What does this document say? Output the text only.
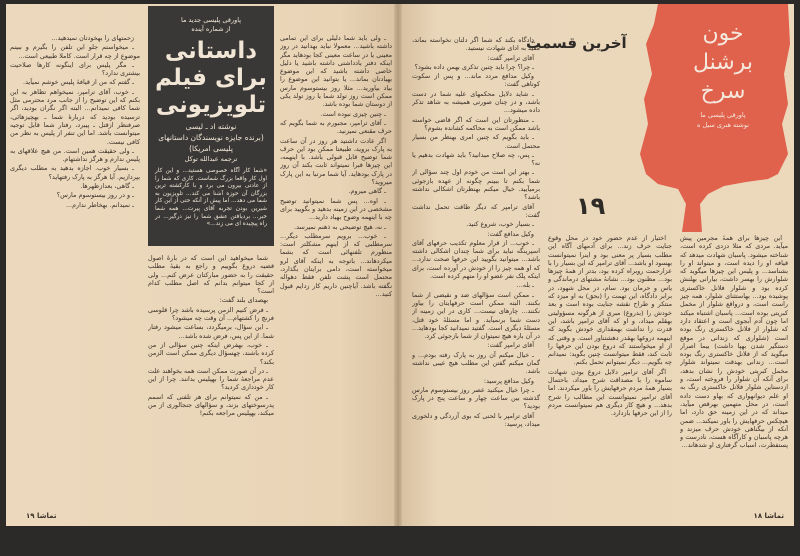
زحمتهای را بهخودتان نمیدهید...

ـ میخواستم جلو این تلفن را بگیرم و ببینم موضوع از چه قرار است. کاملا طبیعی است...

ـ مگر پلیس برای اینگونه کارها صلاحیت بیشتری ندارد؟

ـ گفتم که من از قیافهٔ پلیس خوشم نمیآید.

ـ خوب، آقای ترامپر، نمیخواهم تظاهر به این بکنم که این توضیح را از جانب مرد محترمی مثل شما کافی نمیدانم... البته اگر نگران بودید، اگر ترسیده بودید که دربارهٔ شما ـ بهچیزهائی، صرفنظر ازقتل ـ پیبرد، رفتار شما قابل توجیه میتوانست باشد. اما این تنفر از پلیس به نظر من کافی نیست.

ـ ولی حقیقت همین است. من هیچ علاقهای به پلیس ندارم و هرگز نداشتهام.

ـ بسیار خوب. اجازه بدهید به مطلب دیگری بپردازیم. آیا هرگز به پارک رفتهاید؟

ـ گاهی، بعدازظهرها.

ـ و در روز بیستوسوم مارس؟

ـ نمیدانم. بهخاطر ندارم...

پاورقی پلیسی جدید ما
از شماره آینده
داستانی
برای فیلم
تلویزیونی
نوشته اد ـ لیسی
(برنده جایزه نویسندگان داستانهای
پلیسی امریکا)
ترجمه عبدالله توکل
«شما کار آگاه خصوصی هستید... و این کار اول کار واقعا بزرگ شماست. کاری که شما را از عادتی بیرون می برد و با کارکشته ترین بزرگان آن حوزه آشنا می کند... تلویزیون به شما می دهد... اما پیش از آنکه حتی از این کار شیرین بودن تجربه آقای پیرت... همه شما خبر... بردیافتن عشق شما را نیز درگیر... در راه پیچیده ای می زند...»

شما میخواهید این است که در بارهٔ اصول قضیه دروغ بگوییم و راجع به بقیهٔ مطلب حقیقت را به حضور مبارکتان عرض کنم... ولی از کجا میتوانم بدانم که اصل مطلب کدام است؟

بهصدای بلند گفت:

ـ فرض کنیم الزمن پرسیده باشد چرا قلوسی فرنچ را کشتهام... آن وقت چه میشود؟

ـ این سؤال، برمیگردد، بساعت میشود رفتار شما. از این پس، فرض شده باشد...

ـ خوب، بهفرض اینکه چنین سؤالی از من کرده باشند، چهسؤال دیگری ممکن است الزمن بکند؟

ـ در آن صورت ممکن است همه بخواهند علت عدم مراجعهٔ شما را بهپلیس بدانند. چرا از این کار خودداری کردید؟

ـ من که نمیتوانم برای هر تلفنی که اسمم پدرسوختهای بزند، و سؤالهای جنجالوری از من میکند، بهپلیس مراجعه بکنم!

ـ ولی باید شما دلیلی برای این تمامی داشته باشید... معمولا نباید بهدانید در روز معینی یا در ساعت معینی کجا بودهاید مگر اینکه دفتر یادداشتی داشته باشید یا دلیل خاصی داشته باشید که این موضوع بهیادتان بماند... یا بتوانید این موضوع را بیاد بیاورید... مثلا روز بیستوسوم مارس ممکن است روز تولد شما یا روز تولد یکی از دوستان شما بوده باشد.

ـ چنین چیزی نبوده است.

ـ آقای ترامپر، مجبورم به شما بگویم که حرف مقنعی نمیزنید.

اگر عادت داشتید هر روز در آن ساعت به پارک بروید، طبیعتا ممکن بود این حرف شما توضیح قابل قبولی باشد. با اینهمه، این چیزها قبرا نمیتواند ثابت بکند آن روز در پارک بودهاید. آیا شما مرتبا به این پارک میروید؟

ـ گاهی میروم.

ـ اوه... پس شما نمیتوانید توضیح مشخصی در این زمینه بدهید و بگویید برای چه با اینهمه وضوح بهیاد دارید...

ـ نه، هیچ توضیحی به ذهنم نمیرسد.

ـ خوب... برویم سرمطلب دیگر... سرمطلبی که از اینهم مشکلتر است: منظورم تلفنهائی است که بشما میکردهاند... باتوجه به اینکه آقای لرو میخواسته است، دامی برایتان بگذارد، محتمل است پشت تلفن فقط دهواله نگفته باشد. آیاچنین داریم کار زدایم قبول کنید...

تماشا ۱۹

دادگاه بکند که شما اگر دلتان نخواسته بماند، مقید به ادای شهادت نیستید.

آقای ترامپر گفت:

ـ چرا؟ چرا باید چنین تذکری بهمن داده بشود؟

وکیل مدافع مردد ماند... و پس از سکوت کوتاهی گفت:

ـ شاید دلایل محکمهای علیه شما در دست باشد، و در چنان صورتی همیشه به شاهد تذکر داده میشود...

ـ منظورتان این است که اگر قاضی خواسته باشد ممکن است به محاکمه کشانده بشوم؟

ـ باید بگویم که چنین امری بهنظر من بسیار محتمل است.

ـ پس، چه صلاح میدانید؟ باید شهادت بدهیم یا نه؟

ـ بهتر این است من خودم اول چند سؤالی از شما بکنم تا ببینم چگونه از عهده بازجوئی برمیآیید. خیال میکنم بهنظرتان اشکالی نداشته باشد؟

آقای ترامپر که دیگر طاقت تحمل نداشت گفت:

ـ بسیار خوب، شروع کنید.

وکیل مدافع گفت:

ـ خوب... از قرار معلوم تکذیب حرفهای آقای اسپرینگه نباید برای شما چندان اشکالی داشته باشد... میتوانید بگویید این حرفها صحت ندارد... که او همه چیز را از خودش در آورده است، برای اینکه پلک نفر عضو او را متهم کرده است.

ـ بله...

ـ ممکن است سؤالهای ضد و نقیضی از شما بکنند. البته ممکن است حرفهایتان را بیاور نکنند... چارهای نیست... کاری در این زمینه از دست شما برنمیآید. و اما مسئلهٔ خود قتل، مسئلهٔ دیگری است. گفتید نمیدانید کجا بودهاید... در آن باره هیچ نمیتوان از شما بازجوئی کرد.

آقای ترامپر گفت:

ـ خیال میکنم آن روز به پارک رفته بودم... و گمان میکنم گفتن این مطلب هیچ عیبی نداشته باشد.

وکیل مدافع پرسید:

ـ چرا خیال میکنید عصر روز بیستوسوم مارس گذشته بین ساعت چهار و ساعت پنج در پارک بودید؟

آقای ترامپر با لحنی که بوی آزردگی و دلخوری میداد، پرسید:

خون
برشنل
سرخ
پاورقی پلیسی ما
نوشته هنری سیل ه
آخرین قسمت
۱۹

اختیار از عدم حضور خود در محل وقوع جنایت حرف زند... برای آدمهای آگاه این مطلب بسیار پر معنی بود و اینرا نمیتوانست بهسود او باشد... آقای ترامپر که این بسیار را با عزارحمت روبراه کرده بود، بدتر از همهٔ چیزها بود... مظنون بود... نشانهٔ مشتهای درماندگی و یاس و حرمان بود. سام، در محل شهود، در برابر دادگاه، این تهمت را (بحق) به او میزد که منتکر و طراح نقشه جنایت بوده است و بعد خودش را (بدروغ) مبری از هرگونه مسؤولیتی بهقلم میداد، و او که آقای ترامپر باشد، این قدرت را نداشت بهمقداری خودش بگوید که اینهمه دروغها بهقدر دهشتناور است. و وقتی که از او میخواستند که دروغ بودن این حرفها را ثابت کند، فقط میتوانست چنین بگوید: نمیدانم چه بگویم... دیگر نمیتوانم تحمل بکنم.

اگر آقای ترامپر دلایل دروغ بودن شهادت ساموه را با مصداقت شرح میداد، باحتمال بسیار همهٔ مردم حرفهایش را باور میکردند. اما آقای ترامپر نمیتوانست این مطالب را شرح بدهد... و هیچ کار دیگری هم نمیتوانست مردم را از این حرفها بازدارد.

این چیزها برای همهٔ مجرمین پیش میآید. مردی که مثلا دزدی کرده است، شناخته میشود. پاسبان شهادت میدهد که قیافه او را دیده است، و میتواند او را بشناسد... و پلیس این چیزها میگوید که شلوارش را بهسر داشت، بیارانی بهلنش کرده بود و شلوار فلانل خاکستری پوشیده بود... بهاستثنای شلوار، همه چیز راست است، و درواقع شلوار از مخمل کبریتی بوده است... پاسبان اشتباه میکند اما چون آدم آبجوی است و اعتقاد دارد که شلوار از فلانل خاکستری رنگ بوده است (شلواری که زندانی در موقع دستگیر شدن بهپا داشت) بیما اصرار میگوید که از فلانل خاکستری رنگ بوده است... زندانی بهدقت نمیتواند شلوار مخمل کبریتی خودش را نشان بدهد، برای آنکه آن شلوار را فروخته است، و ازدستاین شلوار فلانل خاکستری رنگ به او علم دیوانهواری که بهاو دست داده است، در محل متهمین بهرقص میآید، میداند که در این زمینه حق دارد، اما هیچکس حرفهایش را باور نمیکند... ضمن آنکه از بیگناهی خودش حرف میزند و هرچه پاسبان و کارآگاه هست، نادرست و پستفطرت، اسباب گرفتاری او شدهاند...

تماشا ۱۸
